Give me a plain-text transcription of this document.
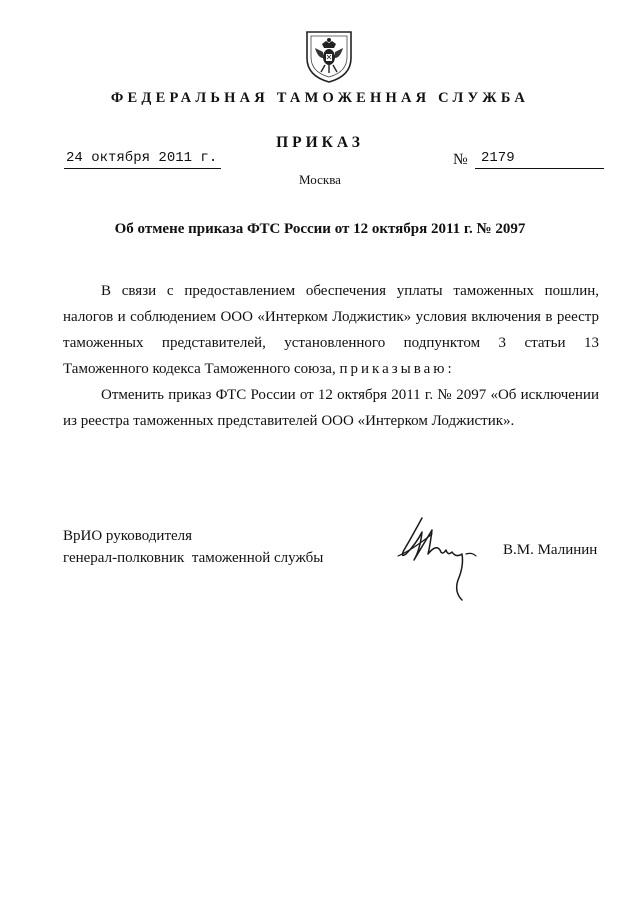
ФЕДЕРАЛЬНАЯ ТАМОЖЕННАЯ СЛУЖБА
ПРИКАЗ
24 октября 2011 г.	№ 2179
Москва
Об отмене приказа ФТС России от 12 октября 2011 г. № 2097

В связи с предоставлением обеспечения уплаты таможенных пошлин, налогов и соблюдением ООО «Интерком Лоджистик» условия включения в реестр таможенных представителей, установленного подпунктом 3 статьи 13 Таможенного кодекса Таможенного союза, приказываю:

Отменить приказ ФТС России от 12 октября 2011 г. № 2097 «Об исключении из реестра таможенных представителей ООО «Интерком Лоджистик».

ВрИО руководителя
генерал-полковник  таможенной службы	В.М. Малинин
